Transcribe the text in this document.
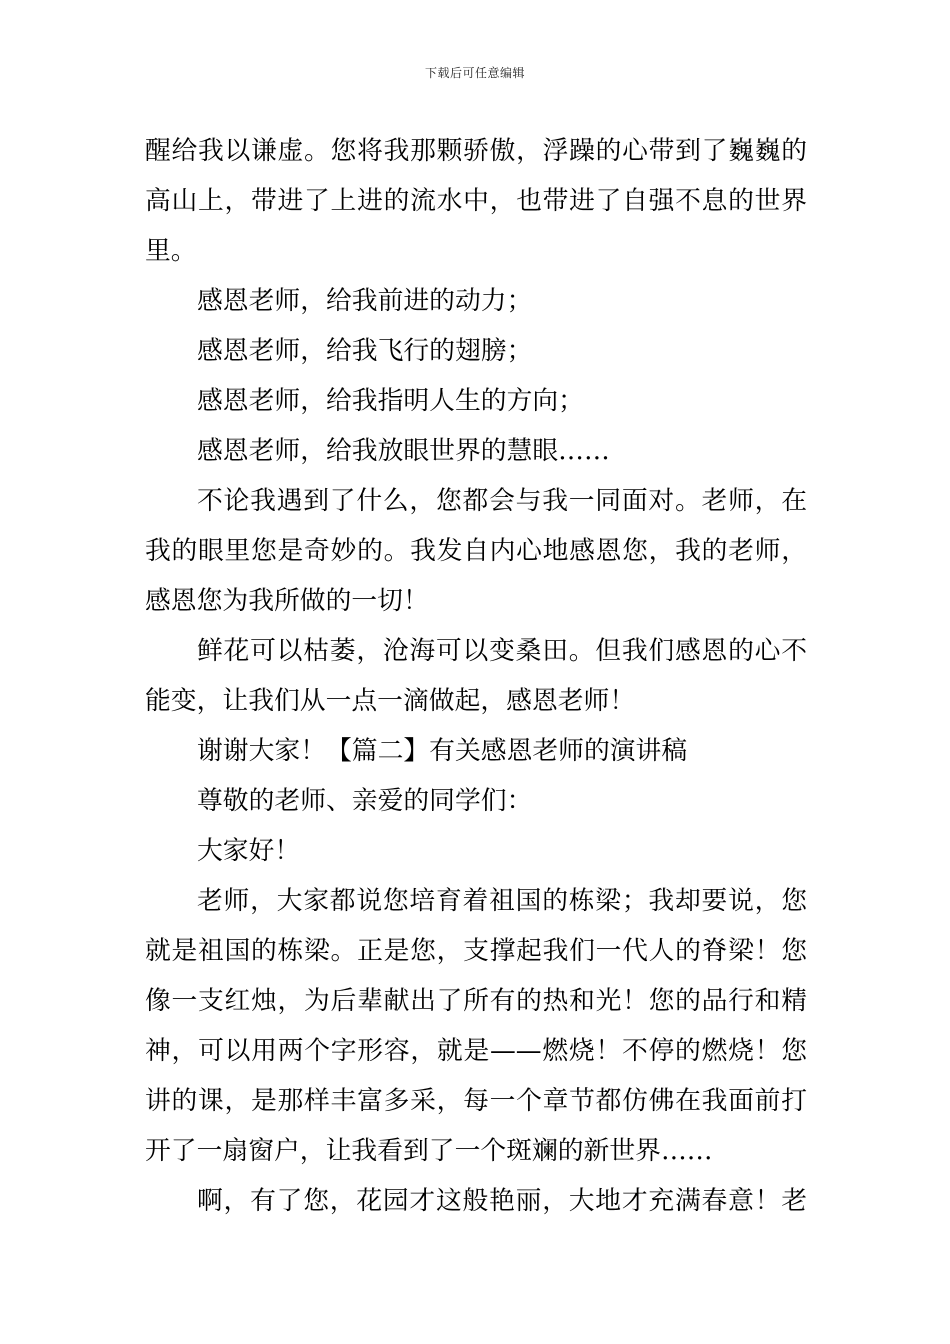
下载后可任意编辑
醒给我以谦虚。您将我那颗骄傲，浮躁的心带到了巍巍的
高山上，带进了上进的流水中，也带进了自强不息的世界
里。
感恩老师，给我前进的动力；
感恩老师，给我飞行的翅膀；
感恩老师，给我指明人生的方向；
感恩老师，给我放眼世界的慧眼……
不论我遇到了什么，您都会与我一同面对。老师，在
我的眼里您是奇妙的。我发自内心地感恩您，我的老师，
感恩您为我所做的一切！
鲜花可以枯萎，沧海可以变桑田。但我们感恩的心不
能变，让我们从一点一滴做起，感恩老师！
谢谢大家！【篇二】有关感恩老师的演讲稿
尊敬的老师、亲爱的同学们：
大家好！
老师，大家都说您培育着祖国的栋梁；我却要说，您
就是祖国的栋梁。正是您，支撑起我们一代人的脊梁！您
像一支红烛，为后辈献出了所有的热和光！您的品行和精
神，可以用两个字形容，就是——燃烧！不停的燃烧！您
讲的课，是那样丰富多采，每一个章节都仿佛在我面前打
开了一扇窗户，让我看到了一个斑斓的新世界……
啊，有了您，花园才这般艳丽，大地才充满春意！老
